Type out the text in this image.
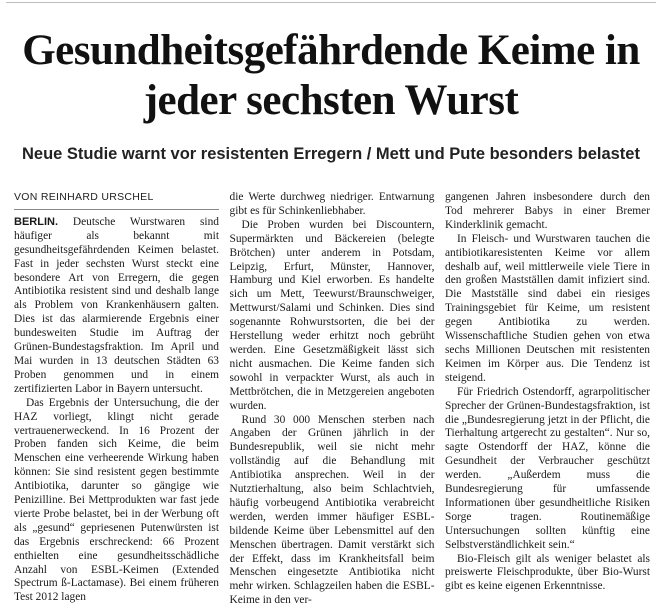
Gesundheitsgefährdende Keime in jeder sechsten Wurst
Neue Studie warnt vor resistenten Erregern / Mett und Pute besonders belastet
VON REINHARD URSCHEL

BERLIN. Deutsche Wurstwaren sind häufiger als bekannt mit gesundheitsgefährdenden Keimen belastet. Fast in jeder sechsten Wurst steckt eine besondere Art von Erregern, die gegen Antibiotika resistent sind und deshalb lange als Problem von Krankenhäusern galten. Dies ist das alarmierende Ergebnis einer bundesweiten Studie im Auftrag der Grünen-Bundestagsfraktion. Im April und Mai wurden in 13 deutschen Städten 63 Proben genommen und in einem zertifizierten Labor in Bayern untersucht.

Das Ergebnis der Untersuchung, die der HAZ vorliegt, klingt nicht gerade vertrauenerweckend. In 16 Prozent der Proben fanden sich Keime, die beim Menschen eine verheerende Wirkung haben können: Sie sind resistent gegen bestimmte Antibiotika, darunter so gängige wie Penizilline. Bei Mettprodukten war fast jede vierte Probe belastet, bei in der Werbung oft als „gesund“ gepriesenen Putenwürsten ist das Ergebnis erschreckend: 66 Prozent enthielten eine gesundheitsschädliche Anzahl von ESBL-Keimen (Extended Spectrum ß-Lactamase). Bei einem früheren Test 2012 lagen

die Werte durchweg niedriger. Entwarnung gibt es für Schinkenliebhaber.

Die Proben wurden bei Discountern, Supermärkten und Bäckereien (belegte Brötchen) unter anderem in Potsdam, Leipzig, Erfurt, Münster, Hannover, Hamburg und Kiel erworben. Es handelte sich um Mett, Teewurst/Braunschweiger, Mettwurst/Salami und Schinken. Dies sind sogenannte Rohwurstsorten, die bei der Herstellung weder erhitzt noch gebrüht werden. Eine Gesetzmäßigkeit lässt sich nicht ausmachen. Die Keime fanden sich sowohl in verpackter Wurst, als auch in Mettbrötchen, die in Metzgereien angeboten wurden.

Rund 30 000 Menschen sterben nach Angaben der Grünen jährlich in der Bundesrepublik, weil sie nicht mehr vollständig auf die Behandlung mit Antibiotika ansprechen. Weil in der Nutztierhaltung, also beim Schlachtvieh, häufig vorbeugend Antibiotika verabreicht werden, werden immer häufiger ESBL-bildende Keime über Lebensmittel auf den Menschen übertragen. Damit verstärkt sich der Effekt, dass im Krankheitsfall beim Menschen eingesetzte Antibiotika nicht mehr wirken. Schlagzeilen haben die ESBL-Keime in den ver-

gangenen Jahren insbesondere durch den Tod mehrerer Babys in einer Bremer Kinderklinik gemacht.

In Fleisch- und Wurstwaren tauchen die antibiotikaresistenten Keime vor allem deshalb auf, weil mittlerweile viele Tiere in den großen Mastställen damit infiziert sind. Die Mastställe sind dabei ein riesiges Trainingsgebiet für Keime, um resistent gegen Antibiotika zu werden. Wissenschaftliche Studien gehen von etwa sechs Millionen Deutschen mit resistenten Keimen im Körper aus. Die Tendenz ist steigend.

Für Friedrich Ostendorff, agrarpolitischer Sprecher der Grünen-Bundestagsfraktion, ist die „Bundesregierung jetzt in der Pflicht, die Tierhaltung artgerecht zu gestalten“. Nur so, sagte Ostendorff der HAZ, könne die Gesundheit der Verbraucher geschützt werden. „Außerdem muss die Bundesregierung für umfassende Informationen über gesundheitliche Risiken Sorge tragen. Routinemäßige Untersuchungen sollten künftig eine Selbstverständlichkeit sein.“

Bio-Fleisch gilt als weniger belastet als preiswerte Fleischprodukte, über Bio-Wurst gibt es keine eigenen Erkenntnisse.
